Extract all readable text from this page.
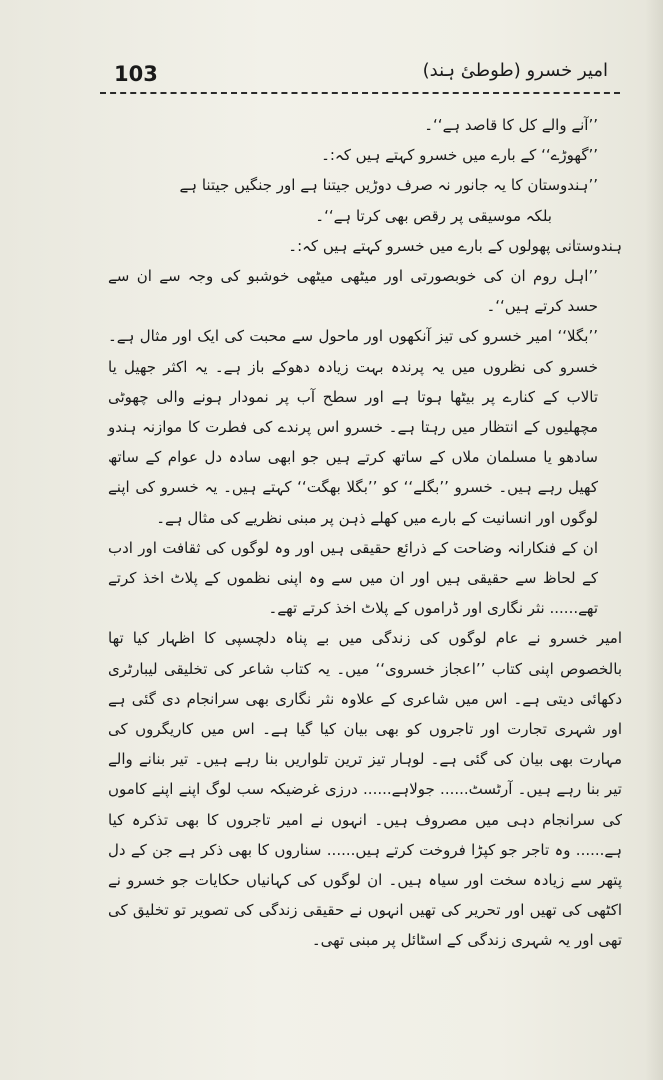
103	امیر خسرو (طوطیٔ ہند)

’’آنے والے کل کا قاصد ہے‘‘۔

’’گھوڑے‘‘ کے بارے میں خسرو کہتے ہیں کہ:۔

’’ہندوستان کا یہ جانور نہ صرف دوڑیں جیتنا ہے اور جنگیں جیتنا ہے

بلکہ موسیقی پر رقص بھی کرتا ہے‘‘۔

ہندوستانی پھولوں کے بارے میں خسرو کہتے ہیں کہ:۔

’’اہل روم ان کی خوبصورتی اور میٹھی میٹھی خوشبو کی وجہ سے ان سے حسد کرتے ہیں‘‘۔

’’بگلا‘‘ امیر خسرو کی تیز آنکھوں اور ماحول سے محبت کی ایک اور مثال ہے۔ خسرو کی نظروں میں یہ پرندہ بہت زیادہ دھوکے باز ہے۔ یہ اکثر جھیل یا تالاب کے کنارے پر بیٹھا ہوتا ہے اور سطح آب پر نمودار ہونے والی چھوٹی مچھلیوں کے انتظار میں رہتا ہے۔ خسرو اس پرندے کی فطرت کا موازنہ ہندو سادھو یا مسلمان ملاں کے ساتھ کرتے ہیں جو ابھی سادہ دل عوام کے ساتھ کھیل رہے ہیں۔ خسرو ’’بگلے‘‘ کو ’’بگلا بھگت‘‘ کہتے ہیں۔ یہ خسرو کی اپنے لوگوں اور انسانیت کے بارے میں کھلے ذہن پر مبنی نظریے کی مثال ہے۔

ان کے فنکارانہ وضاحت کے ذرائع حقیقی ہیں اور وہ لوگوں کی ثقافت اور ادب کے لحاظ سے حقیقی ہیں اور ان میں سے وہ اپنی نظموں کے پلاٹ اخذ کرتے تھے...... نثر نگاری اور ڈراموں کے پلاٹ اخذ کرتے تھے۔

امیر خسرو نے عام لوگوں کی زندگی میں بے پناہ دلچسپی کا اظہار کیا تھا بالخصوص اپنی کتاب ’’اعجاز خسروی‘‘ میں۔ یہ کتاب شاعر کی تخلیقی لیبارٹری دکھائی دیتی ہے۔ اس میں شاعری کے علاوہ نثر نگاری بھی سرانجام دی گئی ہے اور شہری تجارت اور تاجروں کو بھی بیان کیا گیا ہے۔ اس میں کاریگروں کی مہارت بھی بیان کی گئی ہے۔ لوہار تیز ترین تلواریں بنا رہے ہیں۔ تیر بنانے والے تیر بنا رہے ہیں۔ آرٹسٹ...... جولاہے...... درزی غرضیکہ سب لوگ اپنے اپنے کاموں کی سرانجام دہی میں مصروف ہیں۔ انہوں نے امیر تاجروں کا بھی تذکرہ کیا ہے...... وہ تاجر جو کپڑا فروخت کرتے ہیں...... سناروں کا بھی ذکر ہے جن کے دل پتھر سے زیادہ سخت اور سیاہ ہیں۔ ان لوگوں کی کہانیاں حکایات جو خسرو نے اکٹھی کی تھیں اور تحریر کی تھیں انہوں نے حقیقی زندگی کی تصویر تو تخلیق کی تھی اور یہ شہری زندگی کے اسٹائل پر مبنی تھی۔
